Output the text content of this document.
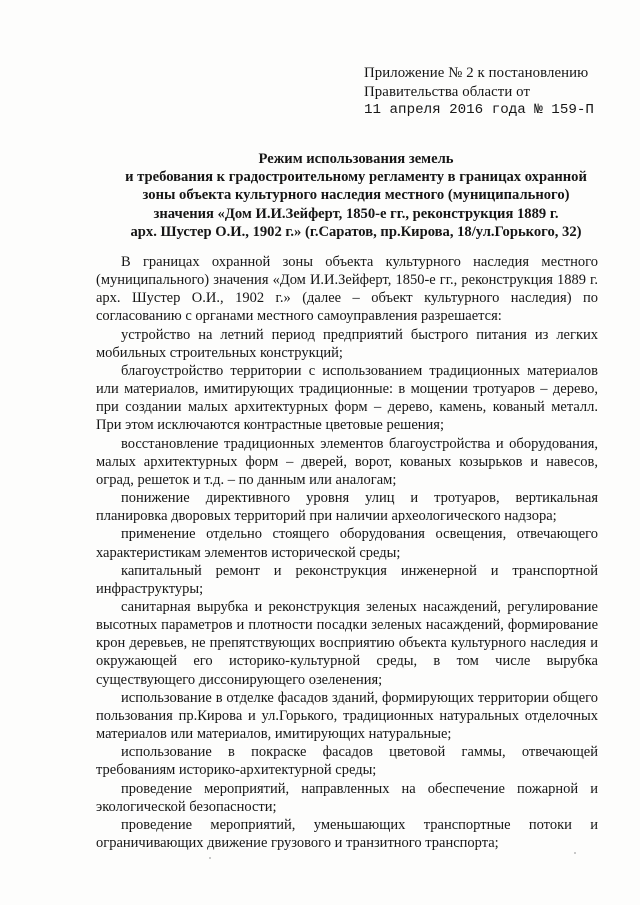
Приложение № 2 к постановлению
Правительства области от
11 апреля 2016 года № 159-П
Режим использования земель
и требования к градостроительному регламенту в границах охранной
зоны объекта культурного наследия местного (муниципального)
значения «Дом И.И.Зейферт, 1850-е гг., реконструкция 1889 г.
арх. Шустер О.И., 1902 г.» (г.Саратов, пр.Кирова, 18/ул.Горького, 32)

В границах охранной зоны объекта культурного наследия местного (муниципального) значения «Дом И.И.Зейферт, 1850-е гг., реконструкция 1889 г. арх. Шустер О.И., 1902 г.» (далее – объект культурного наследия) по согласованию с органами местного самоуправления разрешается:

устройство на летний период предприятий быстрого питания из легких мобильных строительных конструкций;

благоустройство территории с использованием традиционных материалов или материалов, имитирующих традиционные: в мощении тротуаров – дерево, при создании малых архитектурных форм – дерево, камень, кованый металл. При этом исключаются контрастные цветовые решения;

восстановление традиционных элементов благоустройства и оборудования, малых архитектурных форм – дверей, ворот, кованых козырьков и навесов, оград, решеток и т.д. – по данным или аналогам;

понижение директивного уровня улиц и тротуаров, вертикальная планировка дворовых территорий при наличии археологического надзора;

применение отдельно стоящего оборудования освещения, отвечающего характеристикам элементов исторической среды;

капитальный ремонт и реконструкция инженерной и транспортной инфраструктуры;

санитарная вырубка и реконструкция зеленых насаждений, регулирование высотных параметров и плотности посадки зеленых насаждений, формирование крон деревьев, не препятствующих восприятию объекта культурного наследия и окружающей его историко-культурной среды, в том числе вырубка существующего диссонирующего озеленения;

использование в отделке фасадов зданий, формирующих территории общего пользования пр.Кирова и ул.Горького, традиционных натуральных отделочных материалов или материалов, имитирующих натуральные;

использование в покраске фасадов цветовой гаммы, отвечающей требованиям историко-архитектурной среды;

проведение мероприятий, направленных на обеспечение пожарной и экологической безопасности;

проведение мероприятий, уменьшающих транспортные потоки и ограничивающих движение грузового и транзитного транспорта;
